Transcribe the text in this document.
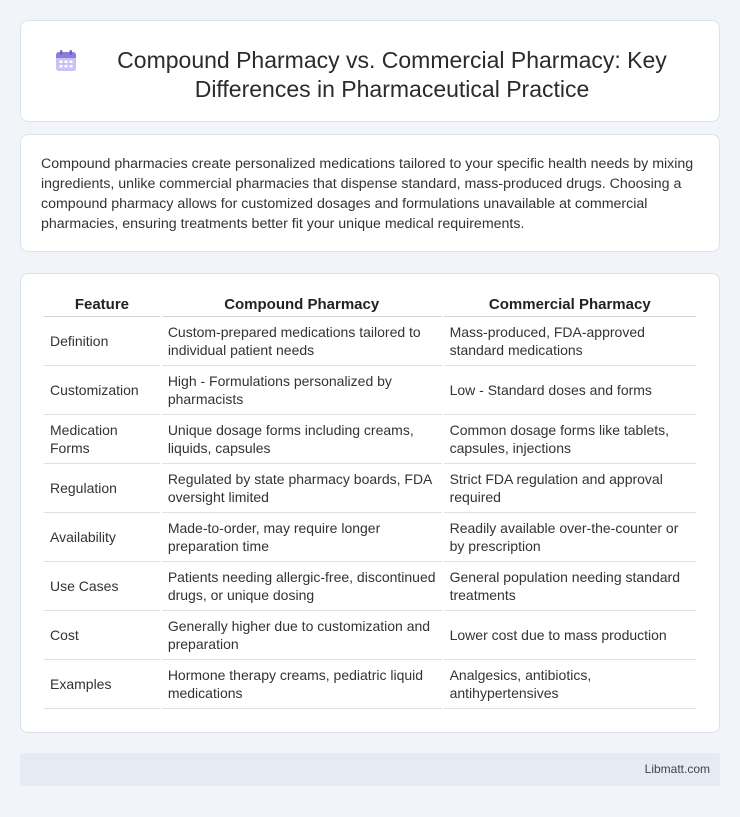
Compound Pharmacy vs. Commercial Pharmacy: Key Differences in Pharmaceutical Practice

Compound pharmacies create personalized medications tailored to your specific health needs by mixing ingredients, unlike commercial pharmacies that dispense standard, mass-produced drugs. Choosing a compound pharmacy allows for customized dosages and formulations unavailable at commercial pharmacies, ensuring treatments better fit your unique medical requirements.

Feature	Compound Pharmacy	Commercial Pharmacy
Definition	Custom-prepared medications tailored to individual patient needs	Mass-produced, FDA-approved standard medications
Customization	High - Formulations personalized by pharmacists	Low - Standard doses and forms
Medication Forms	Unique dosage forms including creams, liquids, capsules	Common dosage forms like tablets, capsules, injections
Regulation	Regulated by state pharmacy boards, FDA oversight limited	Strict FDA regulation and approval required
Availability	Made-to-order, may require longer preparation time	Readily available over-the-counter or by prescription
Use Cases	Patients needing allergic-free, discontinued drugs, or unique dosing	General population needing standard treatments
Cost	Generally higher due to customization and preparation	Lower cost due to mass production
Examples	Hormone therapy creams, pediatric liquid medications	Analgesics, antibiotics, antihypertensives
Libmatt.com
